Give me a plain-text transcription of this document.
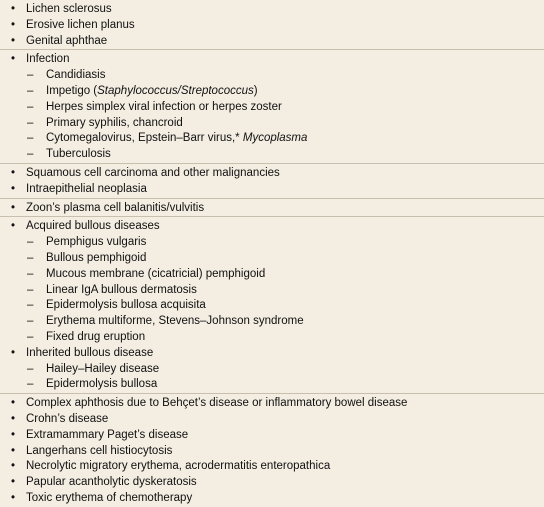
• Lichen sclerosus
• Erosive lichen planus
• Genital aphthae
• Infection
–	Candidiasis
–	Impetigo (Staphylococcus/Streptococcus)
–	Herpes simplex viral infection or herpes zoster
–	Primary syphilis, chancroid
–	Cytomegalovirus, Epstein–Barr virus,* Mycoplasma
–	Tuberculosis
• Squamous cell carcinoma and other malignancies
• Intraepithelial neoplasia
• Zoon’s plasma cell balanitis/vulvitis
• Acquired bullous diseases
–	Pemphigus vulgaris
–	Bullous pemphigoid
–	Mucous membrane (cicatricial) pemphigoid
–	Linear IgA bullous dermatosis
–	Epidermolysis bullosa acquisita
–	Erythema multiforme, Stevens–Johnson syndrome
–	Fixed drug eruption
• Inherited bullous disease
–	Hailey–Hailey disease
–	Epidermolysis bullosa
• Complex aphthosis due to Behçet’s disease or inflammatory bowel disease
• Crohn’s disease
• Extramammary Paget’s disease
• Langerhans cell histiocytosis
• Necrolytic migratory erythema, acrodermatitis enteropathica
• Papular acantholytic dyskeratosis
• Toxic erythema of chemotherapy
